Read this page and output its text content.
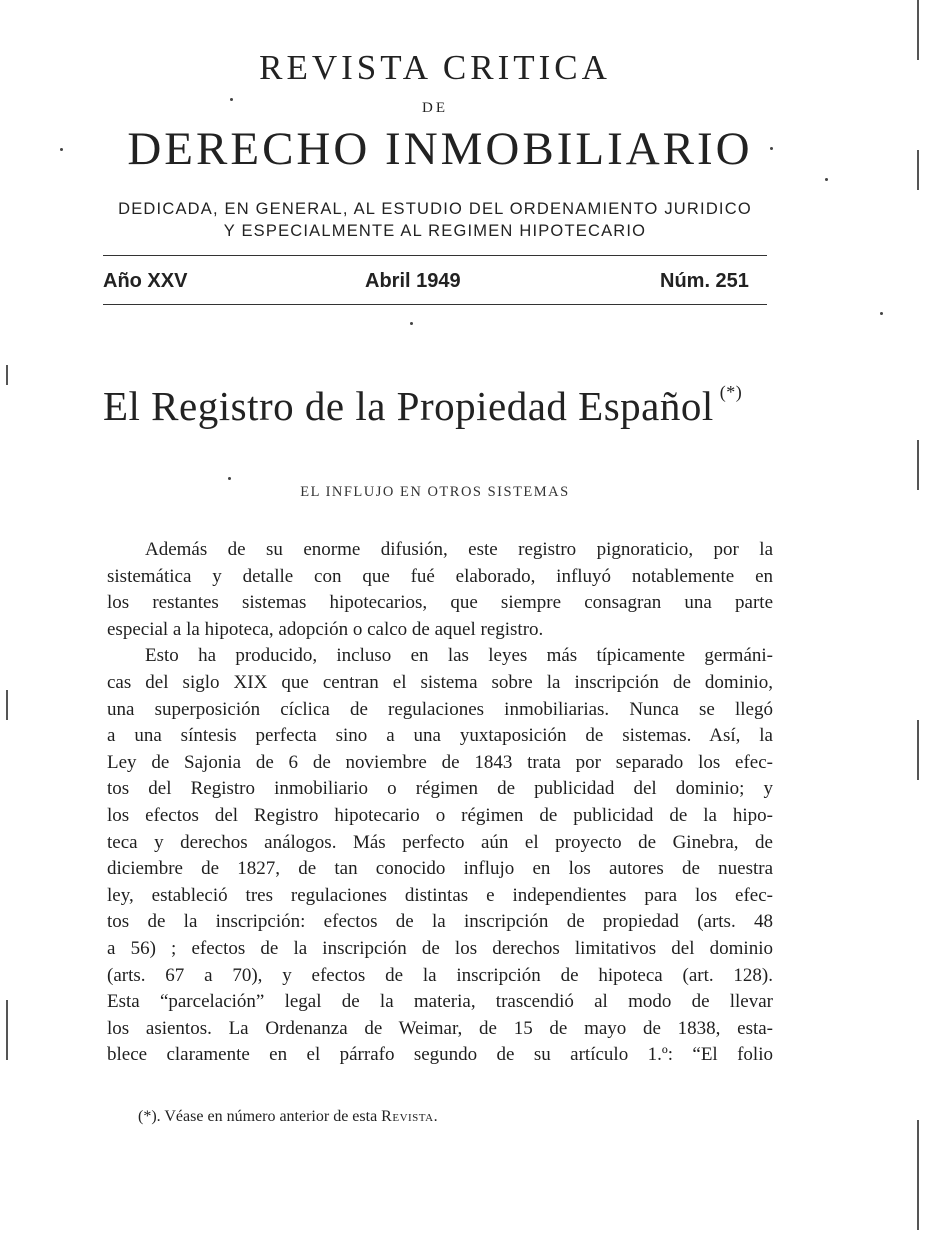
REVISTA CRITICA
DE
DERECHO INMOBILIARIO
DEDICADA, EN GENERAL, AL ESTUDIO DEL ORDENAMIENTO JURIDICO
Y ESPECIALMENTE AL REGIMEN HIPOTECARIO
Año XXV	Abril 1949	Núm. 251
El Registro de la Propiedad Español (*)
EL INFLUJO EN OTROS SISTEMAS
Además de su enorme difusión, este registro pignoraticio, por la
sistemática y detalle con que fué elaborado, influyó notablemente en
los restantes sistemas hipotecarios, que siempre consagran una parte
especial a la hipoteca, adopción o calco de aquel registro.
Esto ha producido, incluso en las leyes más típicamente germáni-
cas del siglo XIX que centran el sistema sobre la inscripción de dominio,
una superposición cíclica de regulaciones inmobiliarias. Nunca se llegó
a una síntesis perfecta sino a una yuxtaposición de sistemas. Así, la
Ley de Sajonia de 6 de noviembre de 1843 trata por separado los efec-
tos del Registro inmobiliario o régimen de publicidad del dominio; y
los efectos del Registro hipotecario o régimen de publicidad de la hipo-
teca y derechos análogos. Más perfecto aún el proyecto de Ginebra, de
diciembre de 1827, de tan conocido influjo en los autores de nuestra
ley, estableció tres regulaciones distintas e independientes para los efec-
tos de la inscripción: efectos de la inscripción de propiedad (arts. 48
a 56) ; efectos de la inscripción de los derechos limitativos del dominio
(arts. 67 a 70), y efectos de la inscripción de hipoteca (art. 128).
Esta “parcelación” legal de la materia, trascendió al modo de llevar
los asientos. La Ordenanza de Weimar, de 15 de mayo de 1838, esta-
blece claramente en el párrafo segundo de su artículo 1.º: “El folio
(*). Véase en número anterior de esta Revista.
